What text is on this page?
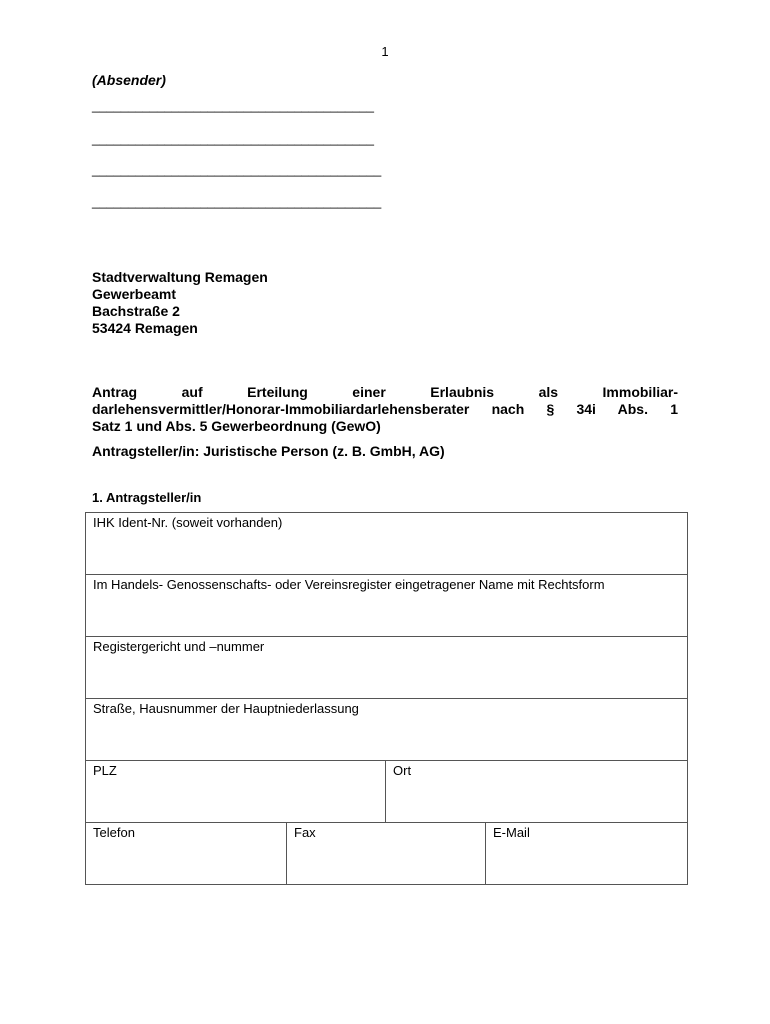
1
(Absender)
_______________________________________
_______________________________________
________________________________________
________________________________________
Stadtverwaltung Remagen
Gewerbeamt
Bachstraße 2
53424 Remagen
Antrag auf Erteilung einer Erlaubnis als Immobiliar-
darlehensvermittler/Honorar-Immobiliardarlehensberater nach § 34i Abs. 1
Satz 1 und Abs. 5 Gewerbeordnung (GewO)
Antragsteller/in: Juristische Person (z. B. GmbH, AG)
1. Antragsteller/in
IHK Ident-Nr. (soweit vorhanden)			

Im Handels- Genossenschafts- oder Vereinsregister eingetragener Name mit Rechtsform			

Registergericht und –nummer			

Straße, Hausnummer der Hauptniederlassung			

PLZ		Ort	

Telefon	Fax		E-Mail
